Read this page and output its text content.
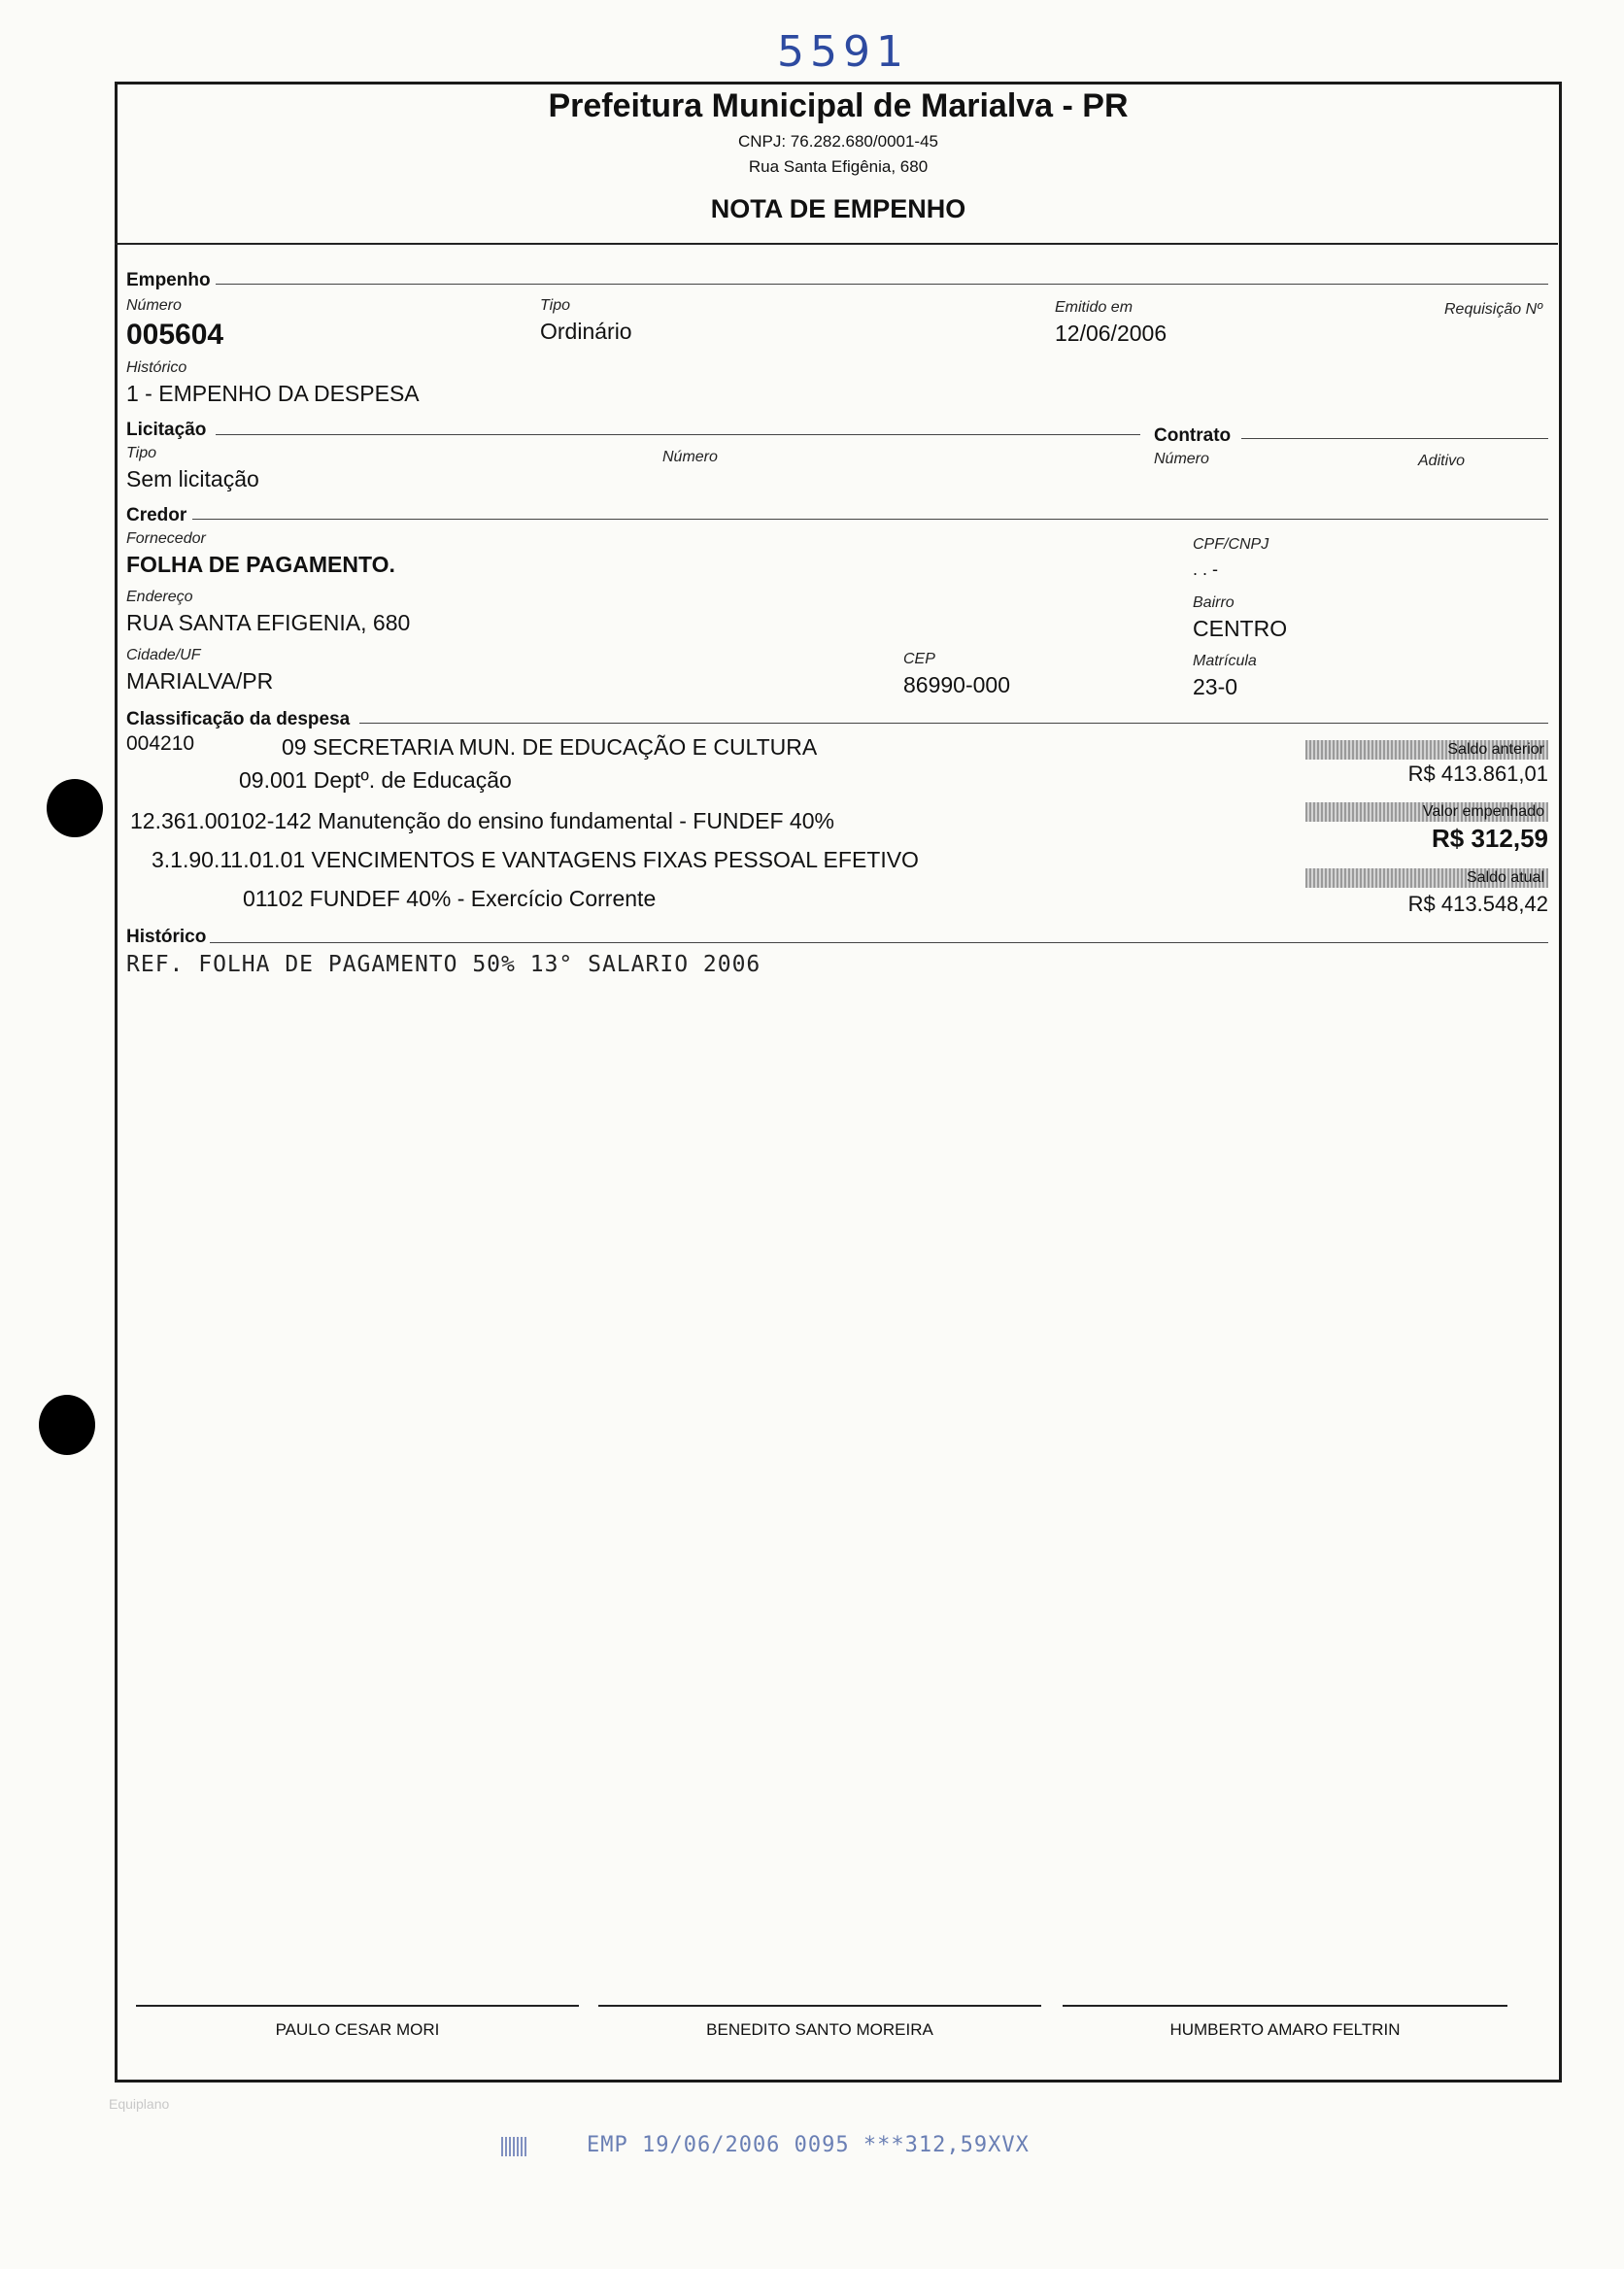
5591
Prefeitura Municipal de Marialva - PR
CNPJ: 76.282.680/0001-45
Rua Santa Efigênia, 680
NOTA DE EMPENHO
Empenho
Número
005604
Tipo
Ordinário
Emitido em
12/06/2006
Requisição Nº
Histórico
1 - EMPENHO DA DESPESA
Licitação	Contrato
Tipo
Sem licitação
Número	Número	Aditivo
Credor
Fornecedor
FOLHA DE PAGAMENTO.
CPF/CNPJ
. . -
Endereço
RUA SANTA EFIGENIA, 680
Bairro
CENTRO
Cidade/UF
MARIALVA/PR
CEP
86990-000
Matrícula
23-0
Classificação da despesa
004210	09 SECRETARIA MUN. DE EDUCAÇÃO E CULTURA
09.001 Deptº. de Educação
12.361.00102-142 Manutenção do ensino fundamental - FUNDEF 40%
3.1.90.11.01.01 VENCIMENTOS E VANTAGENS FIXAS PESSOAL EFETIVO
01102 FUNDEF 40% - Exercício Corrente
Saldo anterior
R$ 413.861,01
Valor empenhado
R$ 312,59
Saldo atual
R$ 413.548,42
Histórico
REF. FOLHA DE PAGAMENTO 50% 13° SALARIO 2006
PAULO CESAR MORI	BENEDITO SANTO MOREIRA	HUMBERTO AMARO FELTRIN
Equiplano
EMP 19/06/2006 0095 ***312,59XVX
